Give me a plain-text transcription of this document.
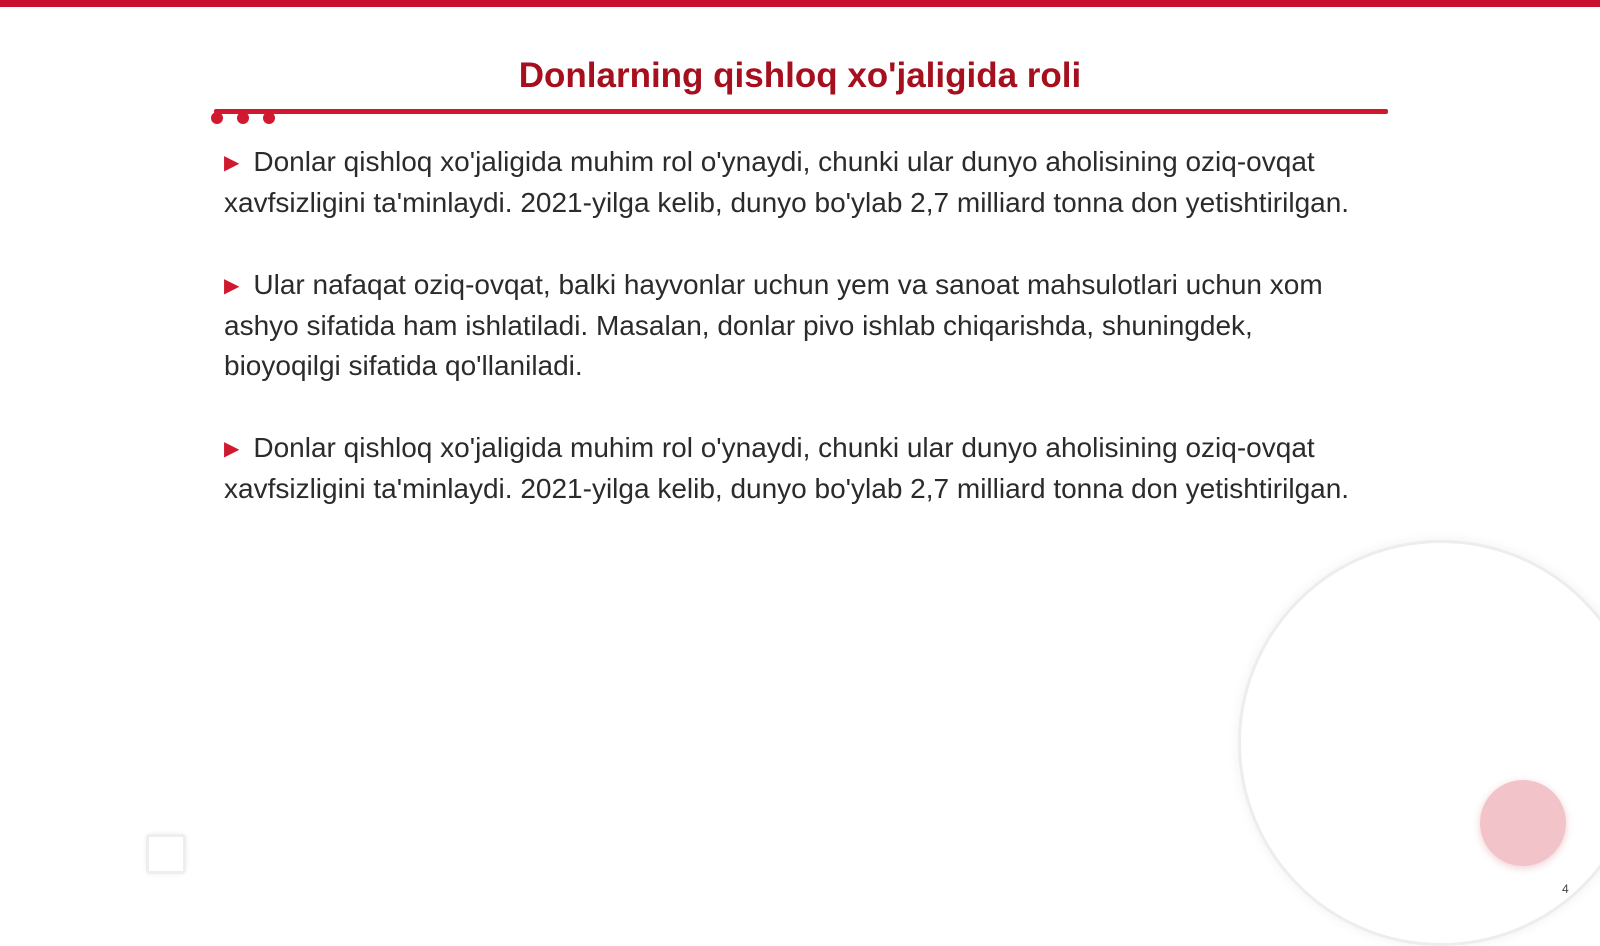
Donlarning qishloq xo'jaligida roli

▶ Donlar qishloq xo'jaligida muhim rol o'ynaydi, chunki ular dunyo aholisining oziq-ovqat xavfsizligini ta'minlaydi. 2021-yilga kelib, dunyo bo'ylab 2,7 milliard tonna don yetishtirilgan.

▶ Ular nafaqat oziq-ovqat, balki hayvonlar uchun yem va sanoat mahsulotlari uchun xom ashyo sifatida ham ishlatiladi. Masalan, donlar pivo ishlab chiqarishda, shuningdek, bioyoqilgi sifatida qo'llaniladi.

▶ Donlar qishloq xo'jaligida muhim rol o'ynaydi, chunki ular dunyo aholisining oziq-ovqat xavfsizligini ta'minlaydi. 2021-yilga kelib, dunyo bo'ylab 2,7 milliard tonna don yetishtirilgan.

4
